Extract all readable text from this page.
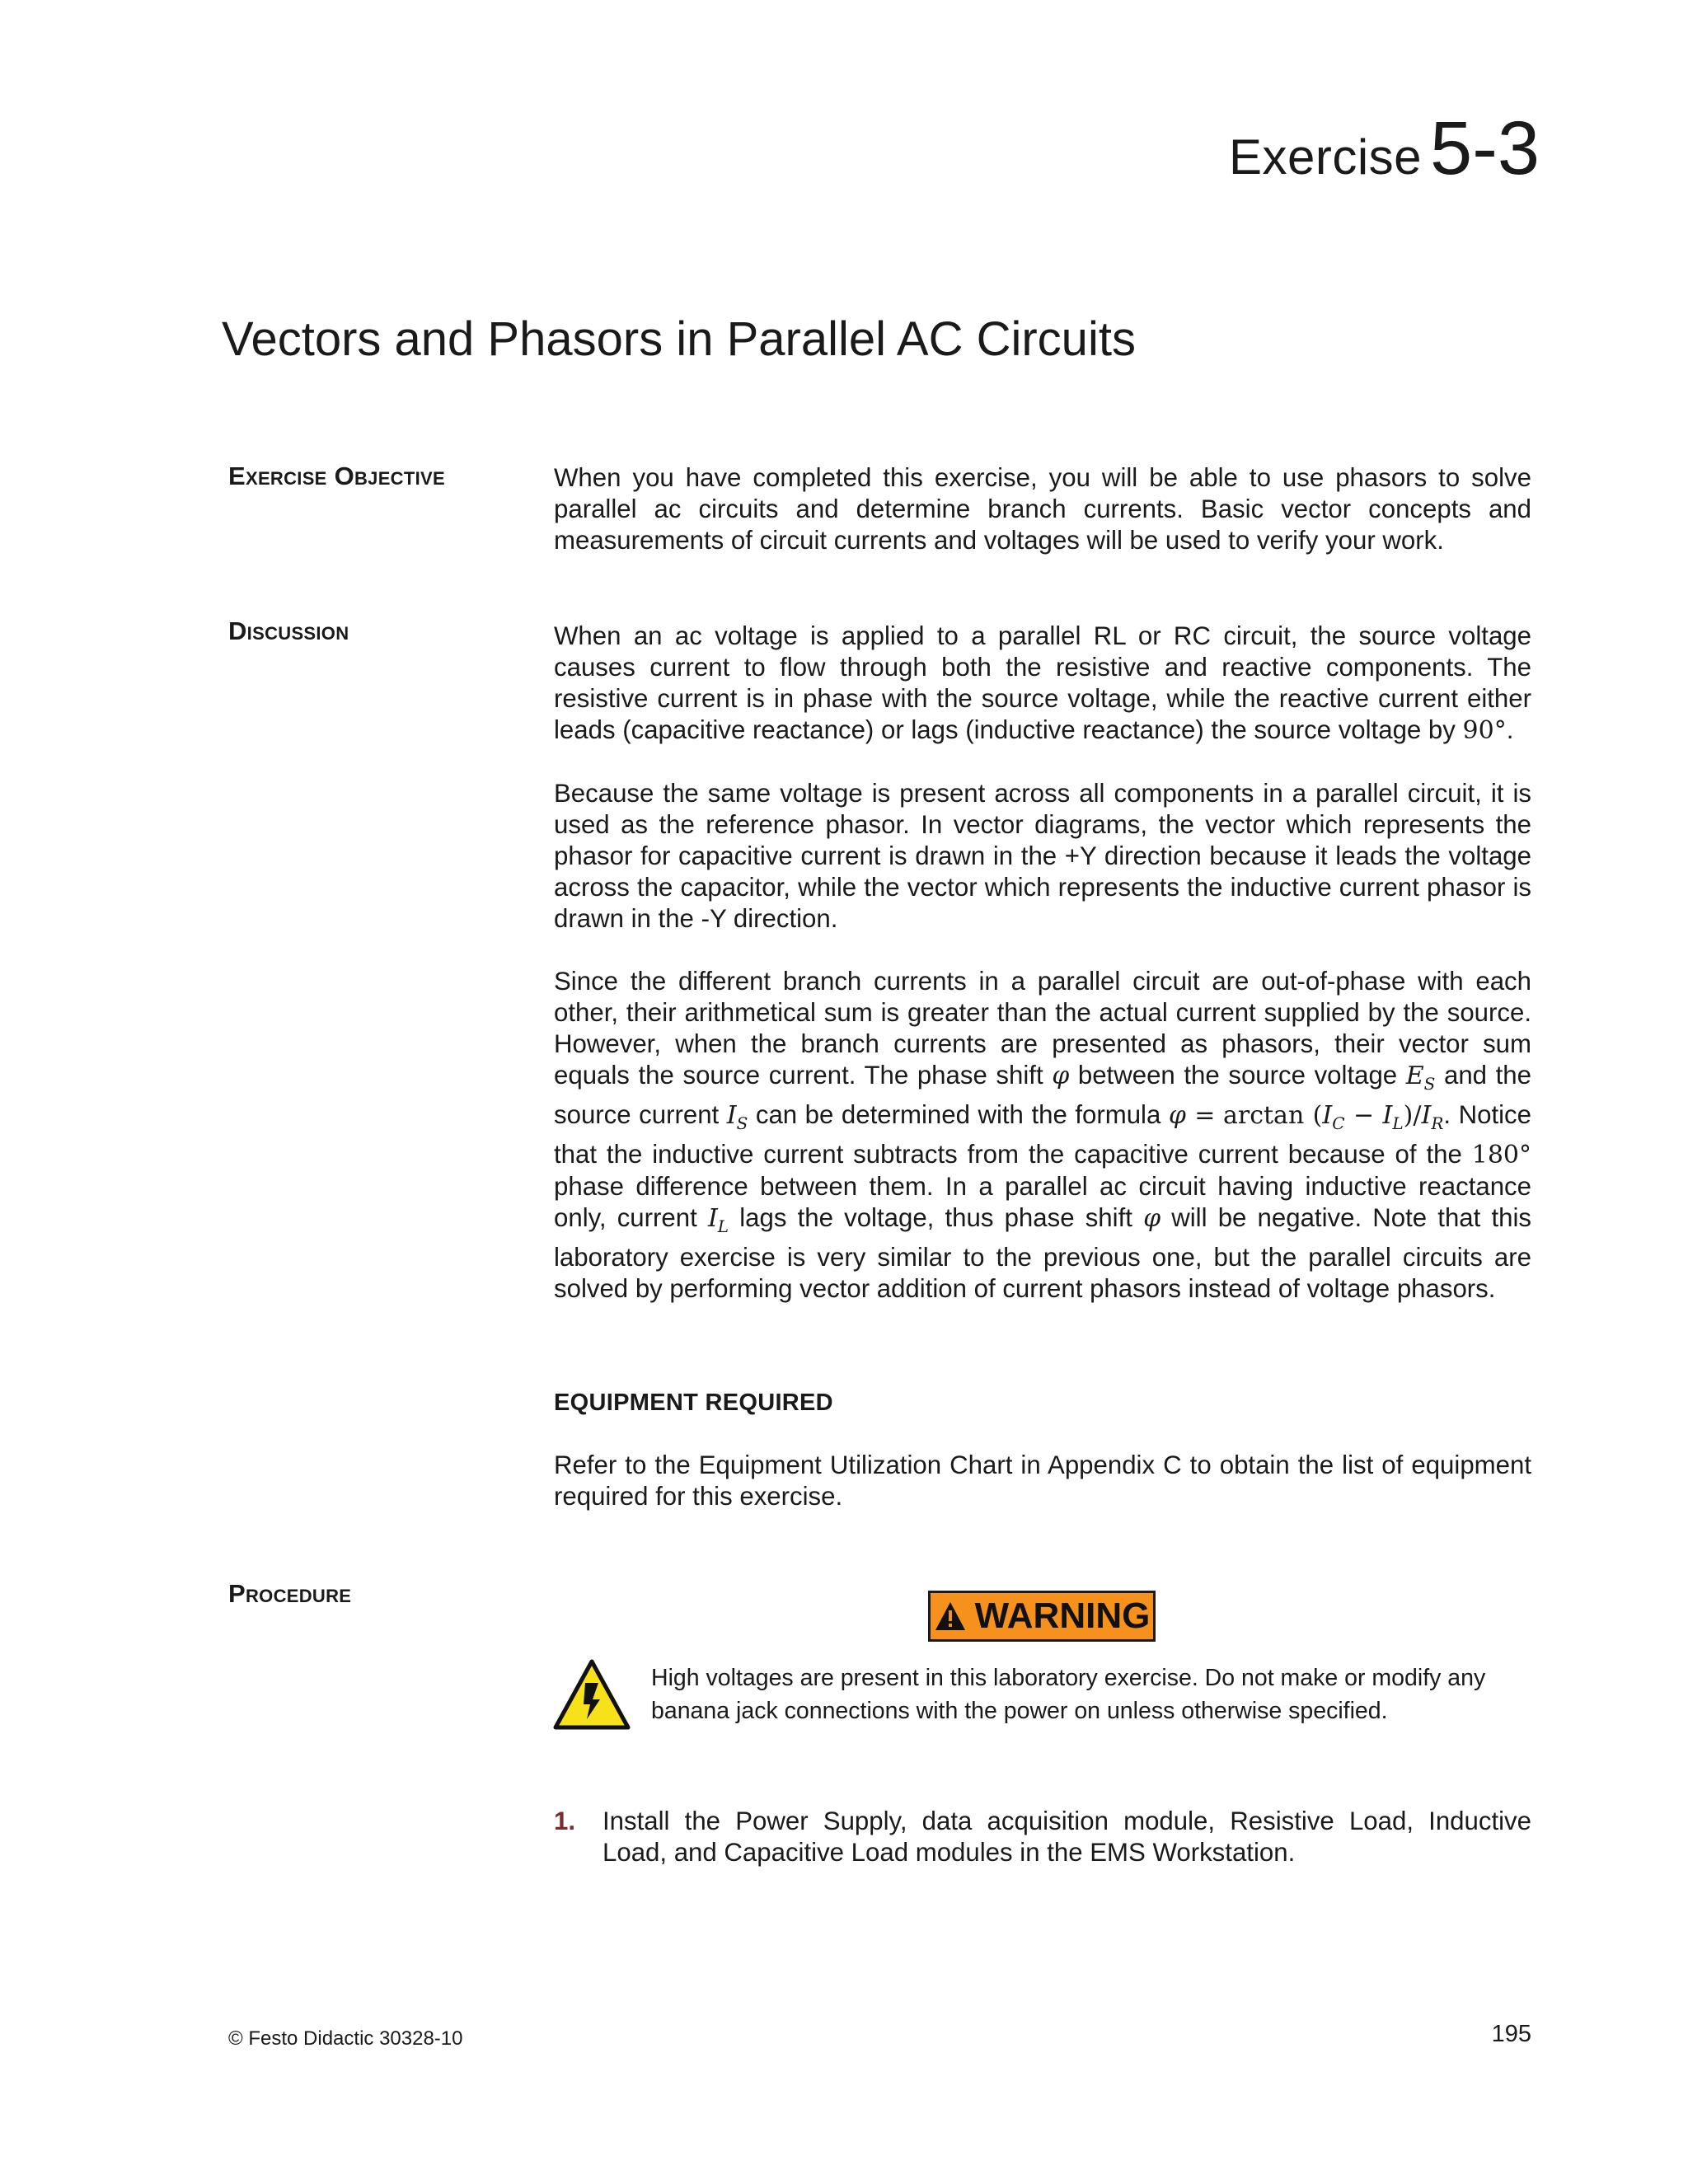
Exercise 5-3
Vectors and Phasors in Parallel AC Circuits
Exercise Objective	When you have completed this exercise, you will be able to use phasors to solve parallel ac circuits and determine branch currents. Basic vector concepts and measurements of circuit currents and voltages will be used to verify your work.

Discussion	When an ac voltage is applied to a parallel RL or RC circuit, the source voltage causes current to flow through both the resistive and reactive components. The resistive current is in phase with the source voltage, while the reactive current either leads (capacitive reactance) or lags (inductive reactance) the source voltage by 90°.

Because the same voltage is present across all components in a parallel circuit, it is used as the reference phasor. In vector diagrams, the vector which represents the phasor for capacitive current is drawn in the +Y direction because it leads the voltage across the capacitor, while the vector which represents the inductive current phasor is drawn in the -Y direction.

Since the different branch currents in a parallel circuit are out-of-phase with each other, their arithmetical sum is greater than the actual current supplied by the source. However, when the branch currents are presented as phasors, their vector sum equals the source current. The phase shift φ between the source voltage $E_S$ and the source current $I_S$ can be determined with the formula $\varphi = \arctan (I_C - I_L)/I_R$. Notice that the inductive current subtracts from the capacitive current because of the 180° phase difference between them. In a parallel ac circuit having inductive reactance only, current $I_L$ lags the voltage, thus phase shift φ will be negative. Note that this laboratory exercise is very similar to the previous one, but the parallel circuits are solved by performing vector addition of current phasors instead of voltage phasors.

EQUIPMENT REQUIRED

Refer to the Equipment Utilization Chart in Appendix C to obtain the list of equipment required for this exercise.

Procedure
WARNING
High voltages are present in this laboratory exercise. Do not make or modify any banana jack connections with the power on unless otherwise specified.
1.	Install the Power Supply, data acquisition module, Resistive Load, Inductive Load, and Capacitive Load modules in the EMS Workstation.
© Festo Didactic 30328-10	195
